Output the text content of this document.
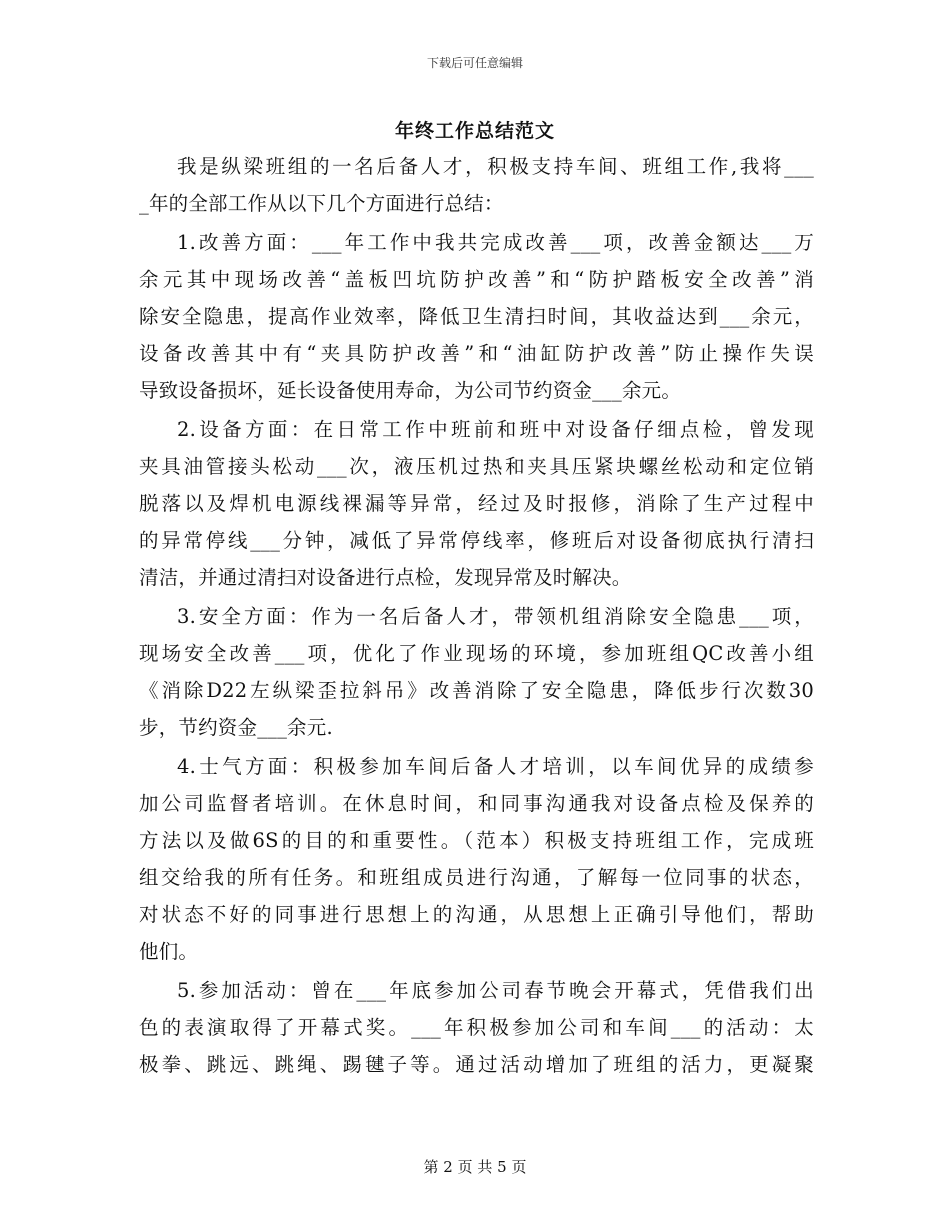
下载后可任意编辑
年终工作总结范文
我是纵梁班组的一名后备人才，积极支持车间、班组工作,我将___
_年的全部工作从以下几个方面进行总结：
1.改善方面：___年工作中我共完成改善___项，改善金额达___万
余元其中现场改善“盖板凹坑防护改善”和“防护踏板安全改善”消
除安全隐患，提高作业效率，降低卫生清扫时间，其收益达到___余元，
设备改善其中有“夹具防护改善”和“油缸防护改善”防止操作失误
导致设备损坏，延长设备使用寿命，为公司节约资金___余元。
2.设备方面：在日常工作中班前和班中对设备仔细点检，曾发现
夹具油管接头松动___次，液压机过热和夹具压紧块螺丝松动和定位销
脱落以及焊机电源线裸漏等异常，经过及时报修，消除了生产过程中
的异常停线___分钟，减低了异常停线率，修班后对设备彻底执行清扫
清洁，并通过清扫对设备进行点检，发现异常及时解决。
3.安全方面：作为一名后备人才，带领机组消除安全隐患___项，
现场安全改善___项，优化了作业现场的环境，参加班组QC改善小组
《消除D22左纵梁歪拉斜吊》改善消除了安全隐患，降低步行次数30
步，节约资金___余元.
4.士气方面：积极参加车间后备人才培训，以车间优异的成绩参
加公司监督者培训。在休息时间，和同事沟通我对设备点检及保养的
方法以及做6S的目的和重要性。（范本）积极支持班组工作，完成班
组交给我的所有任务。和班组成员进行沟通，了解每一位同事的状态，
对状态不好的同事进行思想上的沟通，从思想上正确引导他们，帮助
他们。
5.参加活动：曾在___年底参加公司春节晚会开幕式，凭借我们出
色的表演取得了开幕式奖。___年积极参加公司和车间___的活动：太
极拳、跳远、跳绳、踢毽子等。通过活动增加了班组的活力，更凝聚
第 2 页 共 5 页
